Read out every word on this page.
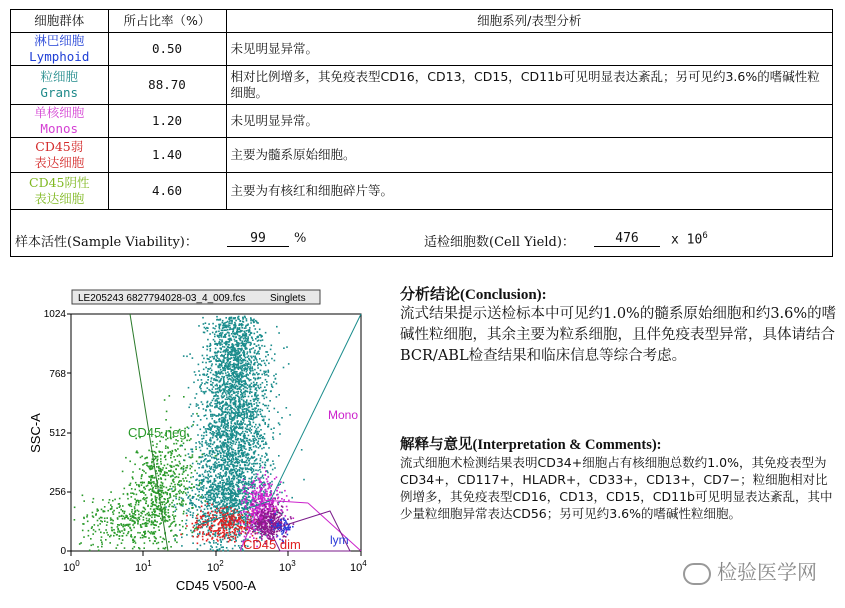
细胞群体	所占比率（%）	细胞系列/表型分析

淋巴细胞
Lymphoid	0.50	未见明显异常。

粒细胞
Grans	88.70	相对比例增多，其免疫表型CD16，CD13，CD15，CD11b可见明显表达紊乱；另可见约3.6%的嗜碱性粒细胞。

单核细胞
Monos	1.20	未见明显异常。

CD45弱
表达细胞	1.40	主要为髓系原始细胞。

CD45阴性
表达细胞	4.60	主要为有核红和细胞碎片等。
样本活性(Sample Viability)：	99	%	适检细胞数(Cell Yield)：	476	x $10^6$
LE205243 6827794028-03_4_009.fcs Singlets
CD45 neg
granu	Mono
CD45 dim lym
1024
768
512
256
0
SSC-A
$10^0$	$10^1$	$10^2$	$10^3$	$10^4$
CD45 V500-A
分析结论(Conclusion):

流式结果提示送检标本中可见约1.0%的髓系原始细胞和约3.6%的嗜碱性粒细胞，其余主要为粒系细胞，且伴免疫表型异常，具体请结合BCR/ABL检查结果和临床信息等综合考虑。

解释与意见(Interpretation & Comments):

流式细胞术检测结果表明CD34+细胞占有核细胞总数约1.0%，其免疫表型为CD34+，CD117+，HLADR+，CD33+，CD13+，CD7−；粒细胞相对比例增多，其免疫表型CD16，CD13，CD15，CD11b可见明显表达紊乱，其中少量粒细胞异常表达CD56；另可见约3.6%的嗜碱性粒细胞。

检验医学网
